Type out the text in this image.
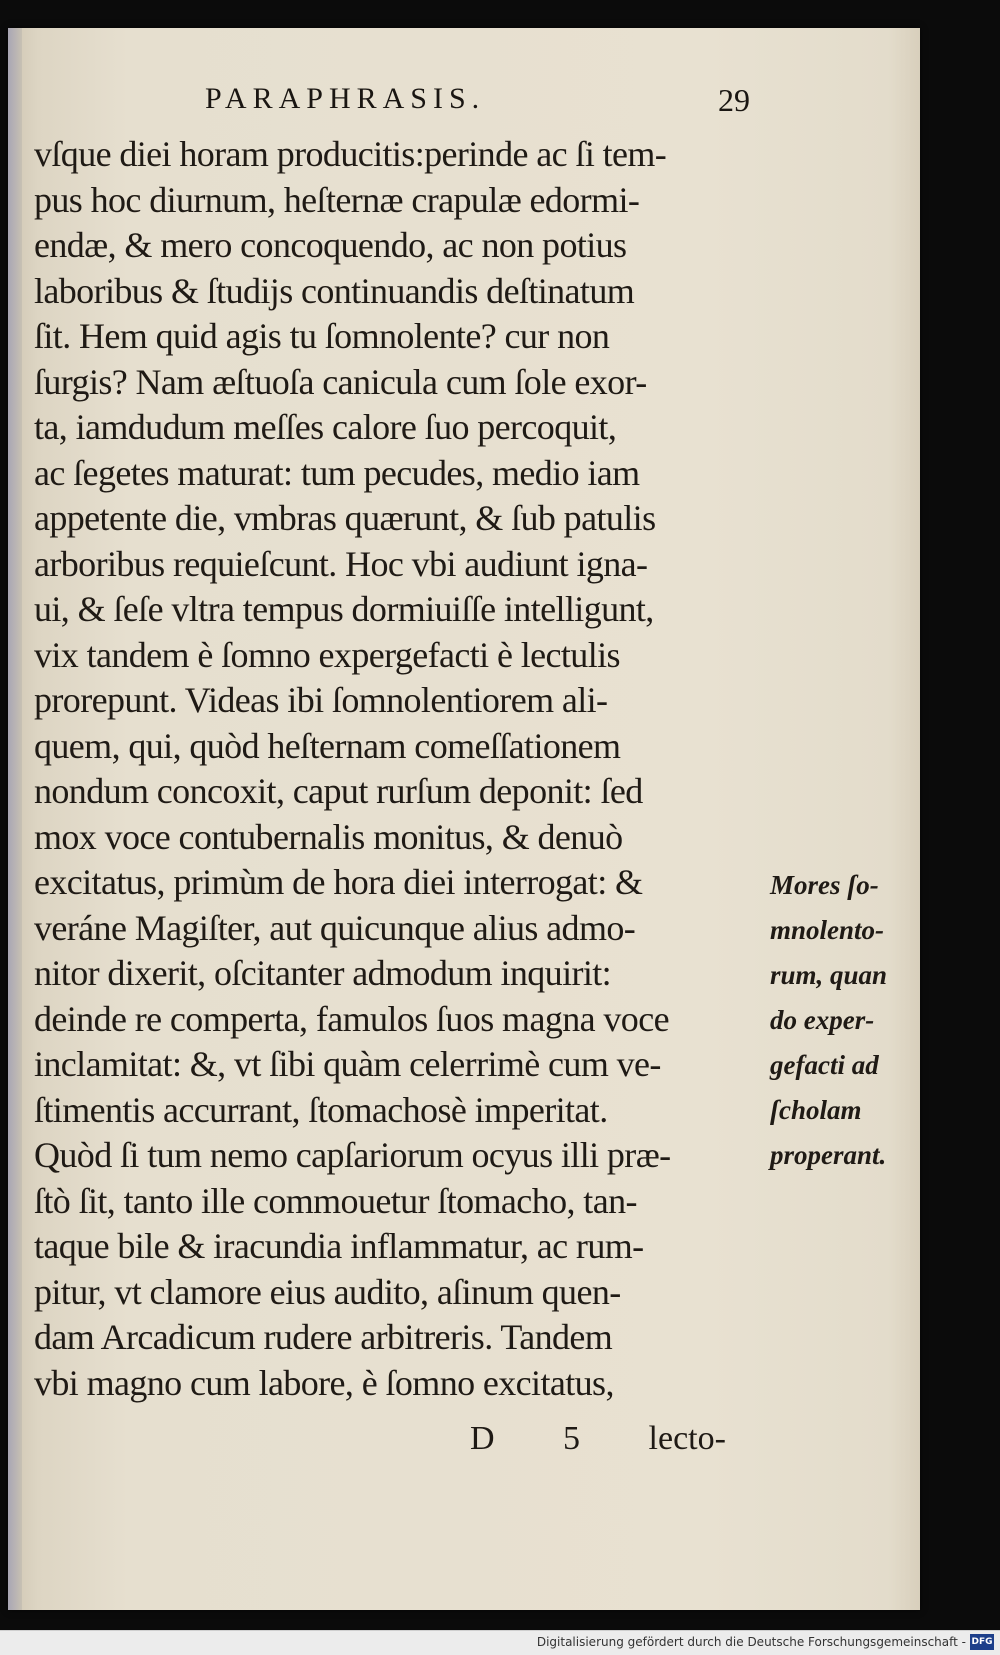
PARAPHRASIS.	29
vſque diei horam producitis:perinde ac ſi tem-
pus hoc diurnum, heſternæ crapulæ edormi-
endæ, & mero concoquendo, ac non potius
laboribus & ſtudijs continuandis deſtinatum
ſit. Hem quid agis tu ſomnolente? cur non
ſurgis? Nam æſtuoſa canicula cum ſole exor-
ta, iamdudum meſſes calore ſuo percoquit,
ac ſegetes maturat: tum pecudes, medio iam
appetente die, vmbras quærunt, & ſub patulis
arboribus requieſcunt. Hoc vbi audiunt igna-
ui, & ſeſe vltra tempus dormiuiſſe intelligunt,
vix tandem è ſomno expergefacti è lectulis
prorepunt. Videas ibi ſomnolentiorem ali-
quem, qui, quòd heſternam comeſſationem
nondum concoxit, caput rurſum deponit: ſed
mox voce contubernalis monitus, & denuò
excitatus, primùm de hora diei interrogat: &
veráne Magiſter, aut quicunque alius admo-
nitor dixerit, oſcitanter admodum inquirit:
deinde re comperta, famulos ſuos magna voce
inclamitat: &, vt ſibi quàm celerrimè cum ve-
ſtimentis accurrant, ſtomachosè imperitat.
Quòd ſi tum nemo capſariorum ocyus illi præ-
ſtò ſit, tanto ille commouetur ſtomacho, tan-
taque bile & iracundia inflammatur, ac rum-
pitur, vt clamore eius audito, aſinum quen-
dam Arcadicum rudere arbitreris. Tandem
vbi magno cum labore, è ſomno excitatus,
D 5 lecto-
Mores ſo-
mnolento-
rum, quan
do exper-
gefacti ad
ſcholam
properant.
Digitalisierung gefördert durch die Deutsche Forschungsgemeinschaft - DFG
